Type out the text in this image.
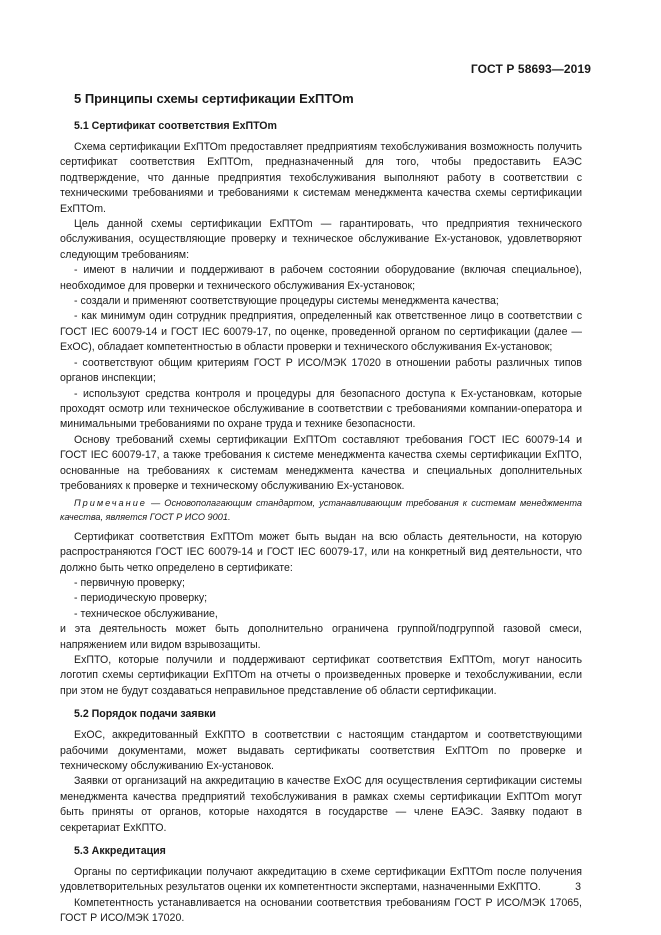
ГОСТ Р 58693—2019
5 Принципы схемы сертификации ExПТОm
5.1 Сертификат соответствия ExПТОm

Схема сертификации ExПТОm предоставляет предприятиям техобслуживания возможность получить сертификат соответствия ExПТОm, предназначенный для того, чтобы предоставить ЕАЭС подтверждение, что данные предприятия техобслуживания выполняют работу в соответствии с техническими требованиями и требованиями к системам менеджмента качества схемы сертификации ExПТОm.

Цель данной схемы сертификации ExПТОm — гарантировать, что предприятия технического обслуживания, осуществляющие проверку и техническое обслуживание Ex-установок, удовлетворяют следующим требованиям:

- имеют в наличии и поддерживают в рабочем состоянии оборудование (включая специальное), необходимое для проверки и технического обслуживания Ex-установок;

- создали и применяют соответствующие процедуры системы менеджмента качества;

- как минимум один сотрудник предприятия, определенный как ответственное лицо в соответствии с ГОСТ IEC 60079-14 и ГОСТ IEC 60079-17, по оценке, проведенной органом по сертификации (далее — ExОС), обладает компетентностью в области проверки и технического обслуживания Ex-установок;

- соответствуют общим критериям ГОСТ Р ИСО/МЭК 17020 в отношении работы различных типов органов инспекции;

- используют средства контроля и процедуры для безопасного доступа к Ex-установкам, которые проходят осмотр или техническое обслуживание в соответствии с требованиями компании-оператора и минимальными требованиями по охране труда и технике безопасности.

Основу требований схемы сертификации ExПТОm составляют требования ГОСТ IEC 60079-14 и ГОСТ IEC 60079-17, а также требования к системе менеджмента качества схемы сертификации ExПТО, основанные на требованиях к системам менеджмента качества и специальных дополнительных требованиях к проверке и техническому обслуживанию Ex-установок.

Примечание — Основополагающим стандартом, устанавливающим требования к системам менеджмента качества, является ГОСТ Р ИСО 9001.

Сертификат соответствия ExПТОm может быть выдан на всю область деятельности, на которую распространяются ГОСТ IEC 60079-14 и ГОСТ IEC 60079-17, или на конкретный вид деятельности, что должно быть четко определено в сертификате:

- первичную проверку;

- периодическую проверку;

- техническое обслуживание,

и эта деятельность может быть дополнительно ограничена группой/подгруппой газовой смеси, напряжением или видом взрывозащиты.

ExПТО, которые получили и поддерживают сертификат соответствия ExПТОm, могут наносить логотип схемы сертификации ExПТОm на отчеты о произведенных проверке и техобслуживании, если при этом не будут создаваться неправильное представление об области сертификации.

5.2 Порядок подачи заявки

ExОС, аккредитованный ExКПТО в соответствии с настоящим стандартом и соответствующими рабочими документами, может выдавать сертификаты соответствия ExПТОm по проверке и техническому обслуживанию Ex-установок.

Заявки от организаций на аккредитацию в качестве ExОС для осуществления сертификации системы менеджмента качества предприятий техобслуживания в рамках схемы сертификации ExПТОm могут быть приняты от органов, которые находятся в государстве — члене ЕАЭС. Заявку подают в секретариат ExКПТО.

5.3 Аккредитация

Органы по сертификации получают аккредитацию в схеме сертификации ExПТОm после получения удовлетворительных результатов оценки их компетентности экспертами, назначенными ExКПТО.

Компетентность устанавливается на основании соответствия требованиям ГОСТ Р ИСО/МЭК 17065, ГОСТ Р ИСО/МЭК 17020.

3
